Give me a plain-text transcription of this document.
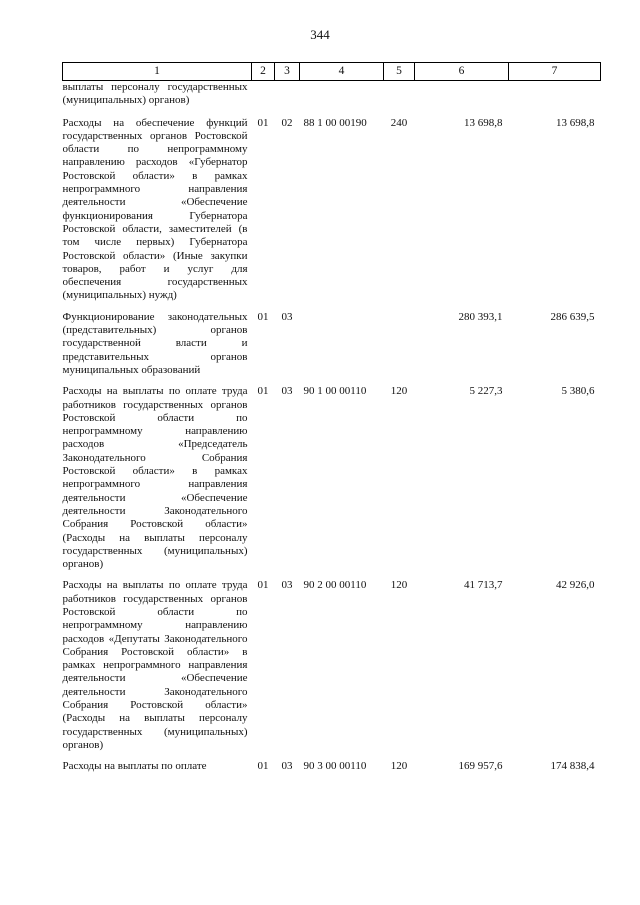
344
1	2	3	4	5	6	7
выплаты персоналу государственных (муниципальных) органов)						
Расходы на обеспечение функций государственных органов Ростовской области по непрограммному направлению расходов «Губернатор Ростовской области» в рамках непрограммного направления деятельности «Обеспечение функционирования Губернатора Ростовской области, заместителей (в том числе первых) Губернатора Ростовской области» (Иные закупки товаров, работ и услуг для обеспечения государственных (муниципальных) нужд)	01	02	88 1 00 00190	240	13 698,8	13 698,8
Функционирование законодательных (представительных) органов государственной власти и представительных органов муниципальных образований	01	03			280 393,1	286 639,5
Расходы на выплаты по оплате труда работников государственных органов Ростовской области по непрограммному направлению расходов «Председатель Законодательного Собрания Ростовской области» в рамках непрограммного направления деятельности «Обеспечение деятельности Законодательного Собрания Ростовской области» (Расходы на выплаты персоналу государственных (муниципальных) органов)	01	03	90 1 00 00110	120	5 227,3	5 380,6
Расходы на выплаты по оплате труда работников государственных органов Ростовской области по непрограммному направлению расходов «Депутаты Законодательного Собрания Ростовской области» в рамках непрограммного направления деятельности «Обеспечение деятельности Законодательного Собрания Ростовской области» (Расходы на выплаты персоналу государственных (муниципальных) органов)	01	03	90 2 00 00110	120	41 713,7	42 926,0
Расходы на выплаты по оплате	01	03	90 3 00 00110	120	169 957,6	174 838,4
